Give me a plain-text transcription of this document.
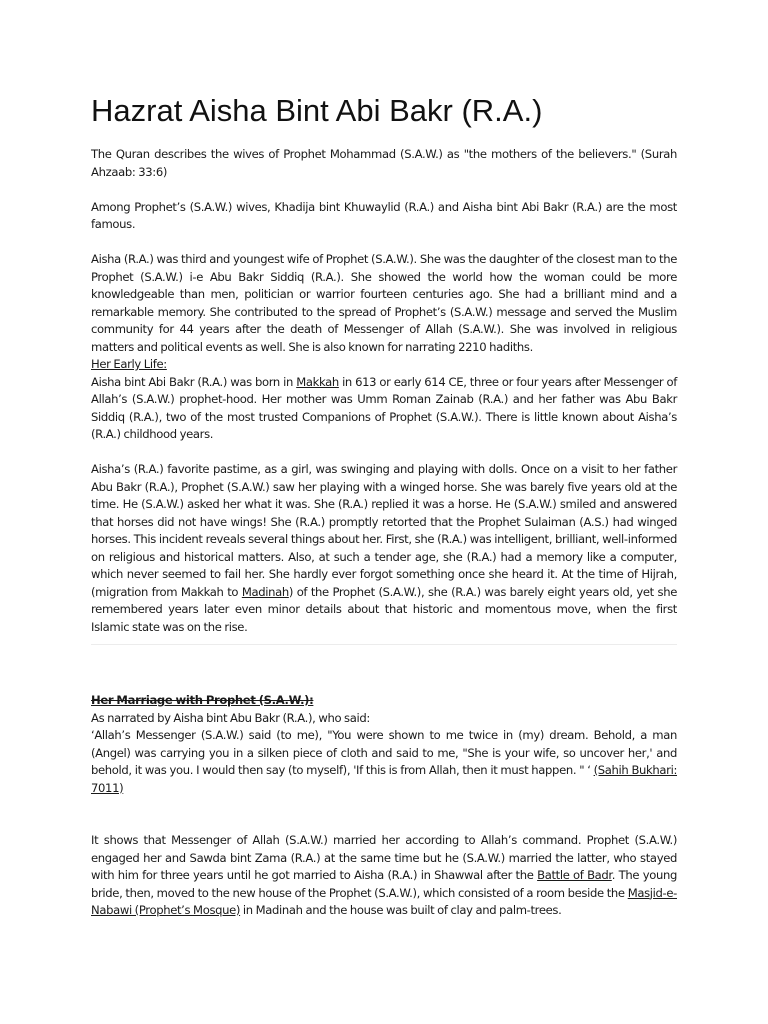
Hazrat Aisha Bint Abi Bakr (R.A.)

The Quran describes the wives of Prophet Mohammad (S.A.W.) as "the mothers of the believers." (Surah Ahzaab: 33:6)

Among Prophet’s (S.A.W.) wives, Khadija bint Khuwaylid (R.A.) and Aisha bint Abi Bakr (R.A.) are the most famous.

Aisha (R.A.) was third and youngest wife of Prophet (S.A.W.). She was the daughter of the closest man to the Prophet (S.A.W.) i-e Abu Bakr Siddiq (R.A.). She showed the world how the woman could be more knowledgeable than men, politician or warrior fourteen centuries ago. She had a brilliant mind and a remarkable memory. She contributed to the spread of Prophet’s (S.A.W.) message and served the Muslim community for 44 years after the death of Messenger of Allah (S.A.W.). She was involved in religious matters and political events as well. She is also known for narrating 2210 hadiths.

Her Early Life:

Aisha bint Abi Bakr (R.A.) was born in Makkah in 613 or early 614 CE, three or four years after Messenger of Allah’s (S.A.W.) prophet-hood. Her mother was Umm Roman Zainab (R.A.) and her father was Abu Bakr Siddiq (R.A.), two of the most trusted Companions of Prophet (S.A.W.). There is little known about Aisha’s (R.A.) childhood years.

Aisha’s (R.A.) favorite pastime, as a girl, was swinging and playing with dolls. Once on a visit to her father Abu Bakr (R.A.), Prophet (S.A.W.) saw her playing with a winged horse. She was barely five years old at the time. He (S.A.W.) asked her what it was. She (R.A.) replied it was a horse. He (S.A.W.) smiled and answered that horses did not have wings! She (R.A.) promptly retorted that the Prophet Sulaiman (A.S.) had winged horses. This incident reveals several things about her. First, she (R.A.) was intelligent, brilliant, well-informed on religious and historical matters. Also, at such a tender age, she (R.A.) had a memory like a computer, which never seemed to fail her. She hardly ever forgot something once she heard it. At the time of Hijrah, (migration from Makkah to Madinah) of the Prophet (S.A.W.), she (R.A.) was barely eight years old, yet she remembered years later even minor details about that historic and momentous move, when the first Islamic state was on the rise.

Her Marriage with Prophet (S.A.W.):

As narrated by Aisha bint Abu Bakr (R.A.), who said:

‘Allah’s Messenger (S.A.W.) said (to me), "You were shown to me twice in (my) dream. Behold, a man (Angel) was carrying you in a silken piece of cloth and said to me, "She is your wife, so uncover her,' and behold, it was you. I would then say (to myself), 'If this is from Allah, then it must happen. " ‘ (Sahih Bukhari: 7011)

It shows that Messenger of Allah (S.A.W.) married her according to Allah’s command. Prophet (S.A.W.) engaged her and Sawda bint Zama (R.A.) at the same time but he (S.A.W.) married the latter, who stayed with him for three years until he got married to Aisha (R.A.) in Shawwal after the Battle of Badr. The young bride, then, moved to the new house of the Prophet (S.A.W.), which consisted of a room beside the Masjid-e-Nabawi (Prophet’s Mosque) in Madinah and the house was built of clay and palm-trees.
